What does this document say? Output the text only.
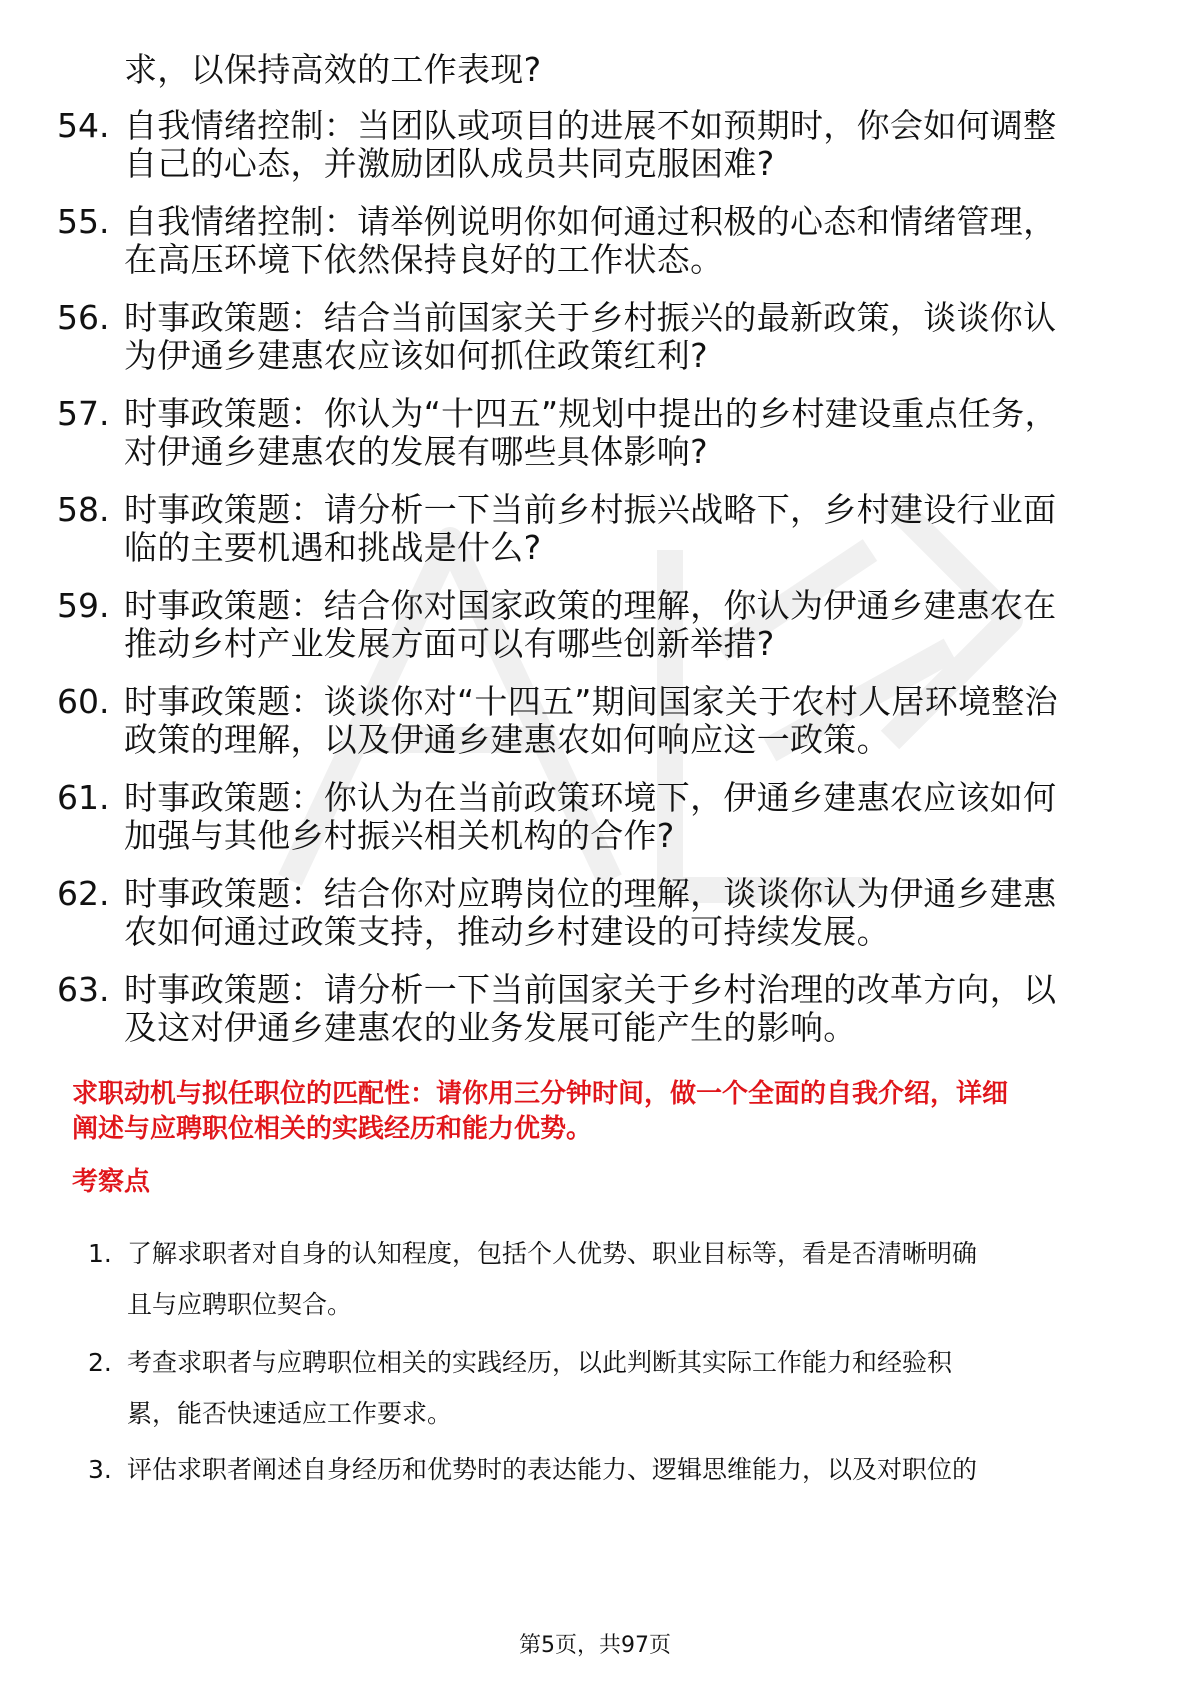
求，以保持高效的工作表现?
54. 自我情绪控制：当团队或项目的进展不如预期时，你会如何调整
自己的心态，并激励团队成员共同克服困难?
55. 自我情绪控制：请举例说明你如何通过积极的心态和情绪管理，
在高压环境下依然保持良好的工作状态。
56. 时事政策题：结合当前国家关于乡村振兴的最新政策，谈谈你认
为伊通乡建惠农应该如何抓住政策红利?
57. 时事政策题：你认为“十四五”规划中提出的乡村建设重点任务，
对伊通乡建惠农的发展有哪些具体影响?
58. 时事政策题：请分析一下当前乡村振兴战略下，乡村建设行业面
临的主要机遇和挑战是什么?
59. 时事政策题：结合你对国家政策的理解，你认为伊通乡建惠农在
推动乡村产业发展方面可以有哪些创新举措?
60. 时事政策题：谈谈你对“十四五”期间国家关于农村人居环境整治
政策的理解，以及伊通乡建惠农如何响应这一政策。
61. 时事政策题：你认为在当前政策环境下，伊通乡建惠农应该如何
加强与其他乡村振兴相关机构的合作?
62. 时事政策题：结合你对应聘岗位的理解，谈谈你认为伊通乡建惠
农如何通过政策支持，推动乡村建设的可持续发展。
63. 时事政策题：请分析一下当前国家关于乡村治理的改革方向，以
及这对伊通乡建惠农的业务发展可能产生的影响。
求职动机与拟任职位的匹配性：请你用三分钟时间，做一个全面的自我介绍，详细
阐述与应聘职位相关的实践经历和能力优势。
考察点
1. 了解求职者对自身的认知程度，包括个人优势、职业目标等，看是否清晰明确
且与应聘职位契合。
2. 考查求职者与应聘职位相关的实践经历，以此判断其实际工作能力和经验积
累，能否快速适应工作要求。
3. 评估求职者阐述自身经历和优势时的表达能力、逻辑思维能力，以及对职位的
第5页，共97页
